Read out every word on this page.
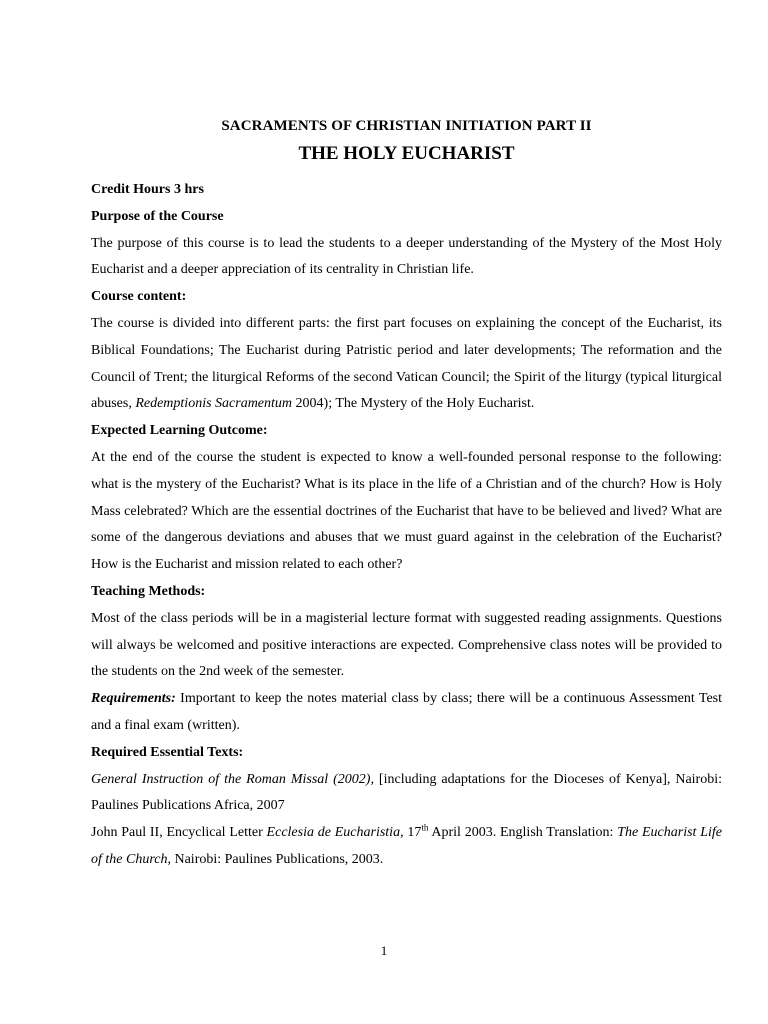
SACRAMENTS OF CHRISTIAN INITIATION PART II
THE HOLY EUCHARIST

Credit Hours 3 hrs

Purpose of the Course

The purpose of this course is to lead the students to a deeper understanding of the Mystery of the Most Holy Eucharist and a deeper appreciation of its centrality in Christian life.

Course content:

The course is divided into different parts: the first part focuses on explaining the concept of the Eucharist, its Biblical Foundations; The Eucharist during Patristic period and later developments; The reformation and the Council of Trent; the liturgical Reforms of the second Vatican Council; the Spirit of the liturgy (typical liturgical abuses, Redemptionis Sacramentum 2004); The Mystery of the Holy Eucharist.

Expected Learning Outcome:

At the end of the course the student is expected to know a well-founded personal response to the following: what is the mystery of the Eucharist? What is its place in the life of a Christian and of the church? How is Holy Mass celebrated? Which are the essential doctrines of the Eucharist that have to be believed and lived? What are some of the dangerous deviations and abuses that we must guard against in the celebration of the Eucharist? How is the Eucharist and mission related to each other?

Teaching Methods:

Most of the class periods will be in a magisterial lecture format with suggested reading assignments. Questions will always be welcomed and positive interactions are expected. Comprehensive class notes will be provided to the students on the 2nd week of the semester.

Requirements: Important to keep the notes material class by class; there will be a continuous Assessment Test and a final exam (written).

Required Essential Texts:

General Instruction of the Roman Missal (2002), [including adaptations for the Dioceses of Kenya], Nairobi: Paulines Publications Africa, 2007

John Paul II, Encyclical Letter Ecclesia de Eucharistia, 17th April 2003. English Translation: The Eucharist Life of the Church, Nairobi: Paulines Publications, 2003.

1
